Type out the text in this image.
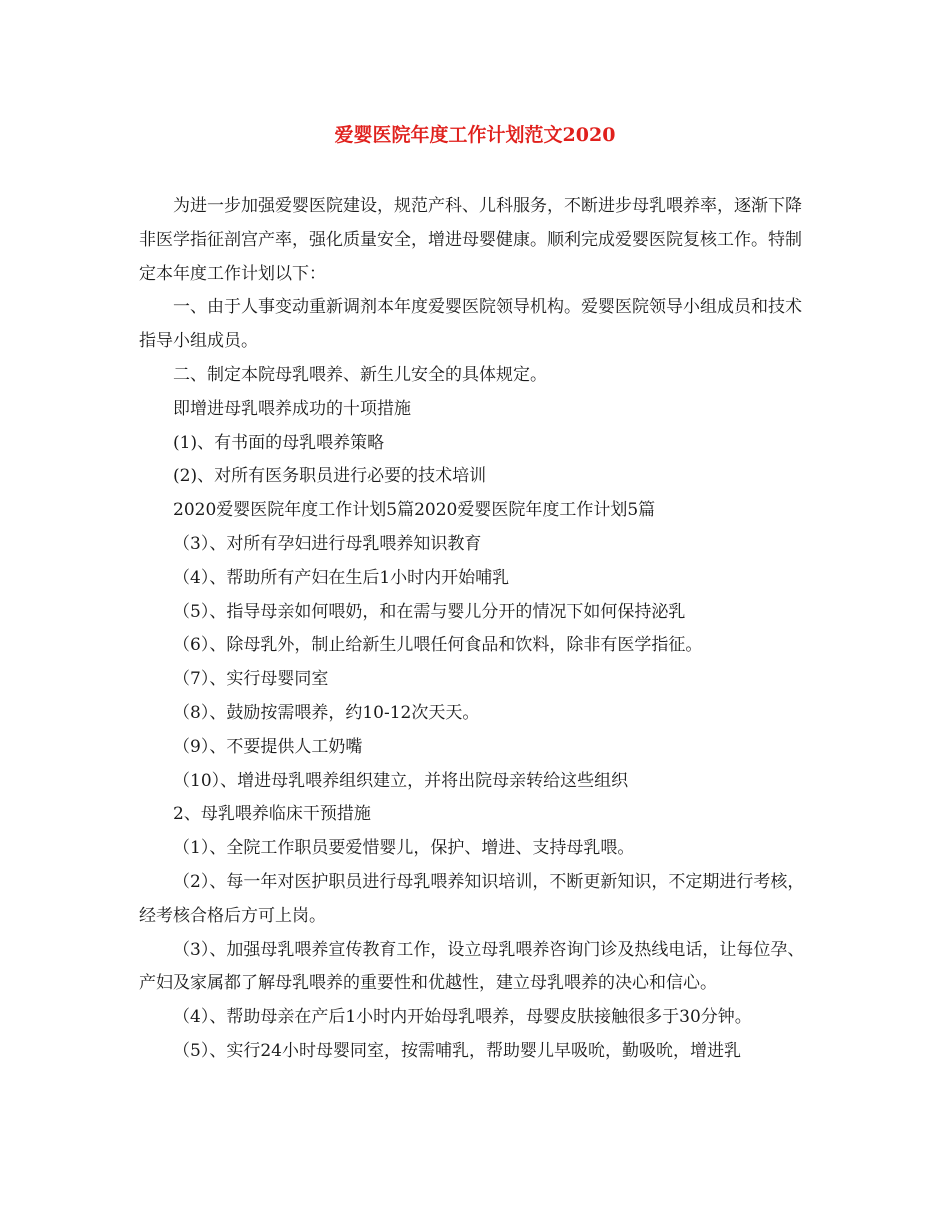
爱婴医院年度工作计划范文2020

为进一步加强爱婴医院建设，规范产科、儿科服务，不断进步母乳喂养率，逐渐下降非医学指征剖宫产率，强化质量安全，增进母婴健康。顺利完成爱婴医院复核工作。特制定本年度工作计划以下：

一、由于人事变动重新调剂本年度爱婴医院领导机构。爱婴医院领导小组成员和技术指导小组成员。

二、制定本院母乳喂养、新生儿安全的具体规定。

即增进母乳喂养成功的十项措施

(1)、有书面的母乳喂养策略

(2)、对所有医务职员进行必要的技术培训

2020爱婴医院年度工作计划5篇2020爱婴医院年度工作计划5篇

（3）、对所有孕妇进行母乳喂养知识教育

（4）、帮助所有产妇在生后1小时内开始哺乳

（5）、指导母亲如何喂奶，和在需与婴儿分开的情况下如何保持泌乳

（6）、除母乳外，制止给新生儿喂任何食品和饮料，除非有医学指征。

（7）、实行母婴同室

（8）、鼓励按需喂养，约10-12次天天。

（9）、不要提供人工奶嘴

（10）、增进母乳喂养组织建立，并将出院母亲转给这些组织

2、母乳喂养临床干预措施

（1）、全院工作职员要爱惜婴儿，保护、增进、支持母乳喂。

（2）、每一年对医护职员进行母乳喂养知识培训，不断更新知识，不定期进行考核，经考核合格后方可上岗。

（3）、加强母乳喂养宣传教育工作，设立母乳喂养咨询门诊及热线电话，让每位孕、产妇及家属都了解母乳喂养的重要性和优越性，建立母乳喂养的决心和信心。

（4）、帮助母亲在产后1小时内开始母乳喂养，母婴皮肤接触很多于30分钟。

（5）、实行24小时母婴同室，按需哺乳，帮助婴儿早吸吮，勤吸吮，增进乳
